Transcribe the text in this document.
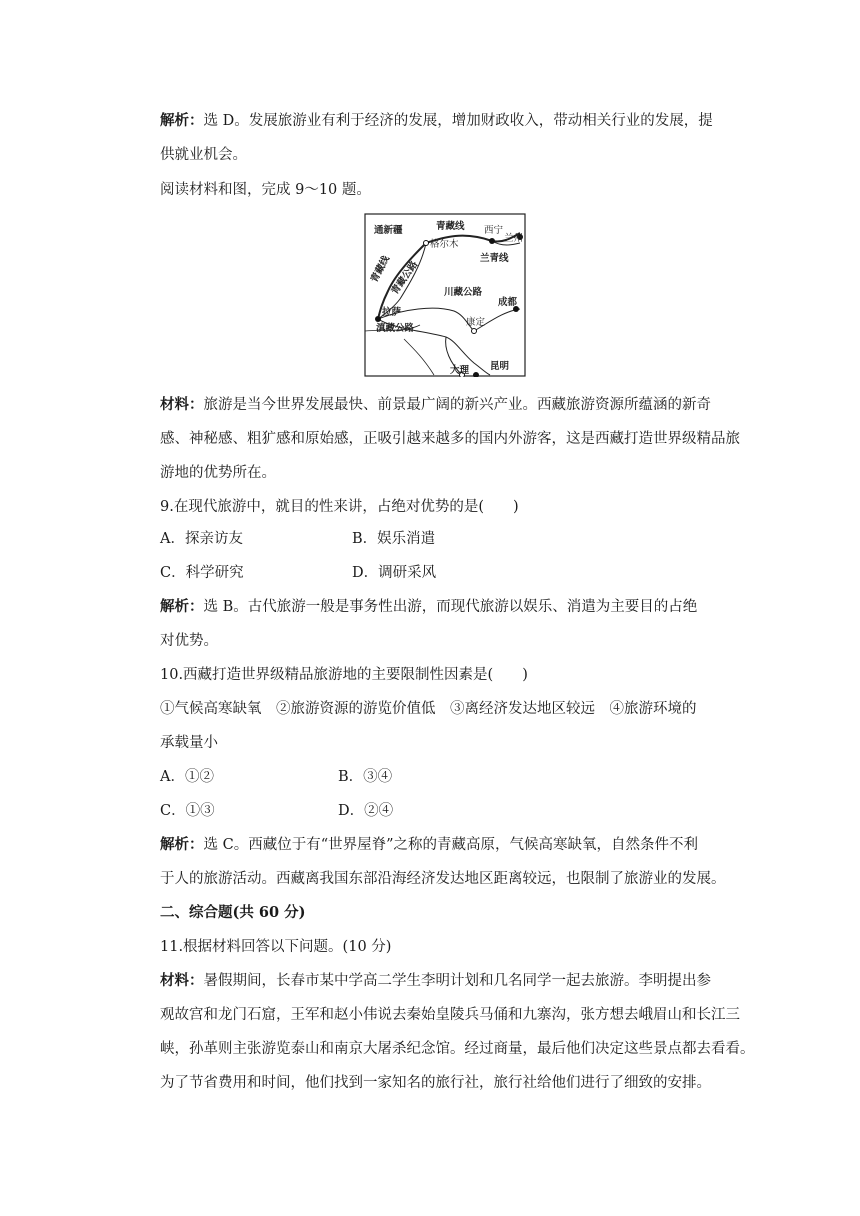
解析：选 D。发展旅游业有利于经济的发展，增加财政收入，带动相关行业的发展，提
供就业机会。
阅读材料和图，完成 9～10 题。
通新疆	青藏线 西宁
兰州
格尔木
兰青线
青藏线
青藏公路 川藏公路
成都
拉萨
康定
滇藏公路
昆明
大理
材料：旅游是当今世界发展最快、前景最广阔的新兴产业。西藏旅游资源所蕴涵的新奇
感、神秘感、粗犷感和原始感，正吸引越来越多的国内外游客，这是西藏打造世界级精品旅
游地的优势所在。
9.在现代旅游中，就目的性来讲，占绝对优势的是(　　)
A．探亲访友	B．娱乐消遣
C．科学研究	D．调研采风
解析：选 B。古代旅游一般是事务性出游，而现代旅游以娱乐、消遣为主要目的占绝
对优势。
10.西藏打造世界级精品旅游地的主要限制性因素是(　　)
①气候高寒缺氧　②旅游资源的游览价值低　③离经济发达地区较远　④旅游环境的
承载量小
A．①②	B．③④
C．①③	D．②④
解析：选 C。西藏位于有“世界屋脊”之称的青藏高原，气候高寒缺氧，自然条件不利
于人的旅游活动。西藏离我国东部沿海经济发达地区距离较远，也限制了旅游业的发展。
二、综合题(共 60 分)
11.根据材料回答以下问题。(10 分)
材料：暑假期间，长春市某中学高二学生李明计划和几名同学一起去旅游。李明提出参
观故宫和龙门石窟，王军和赵小伟说去秦始皇陵兵马俑和九寨沟，张方想去峨眉山和长江三
峡，孙革则主张游览泰山和南京大屠杀纪念馆。经过商量，最后他们决定这些景点都去看看。
为了节省费用和时间，他们找到一家知名的旅行社，旅行社给他们进行了细致的安排。
